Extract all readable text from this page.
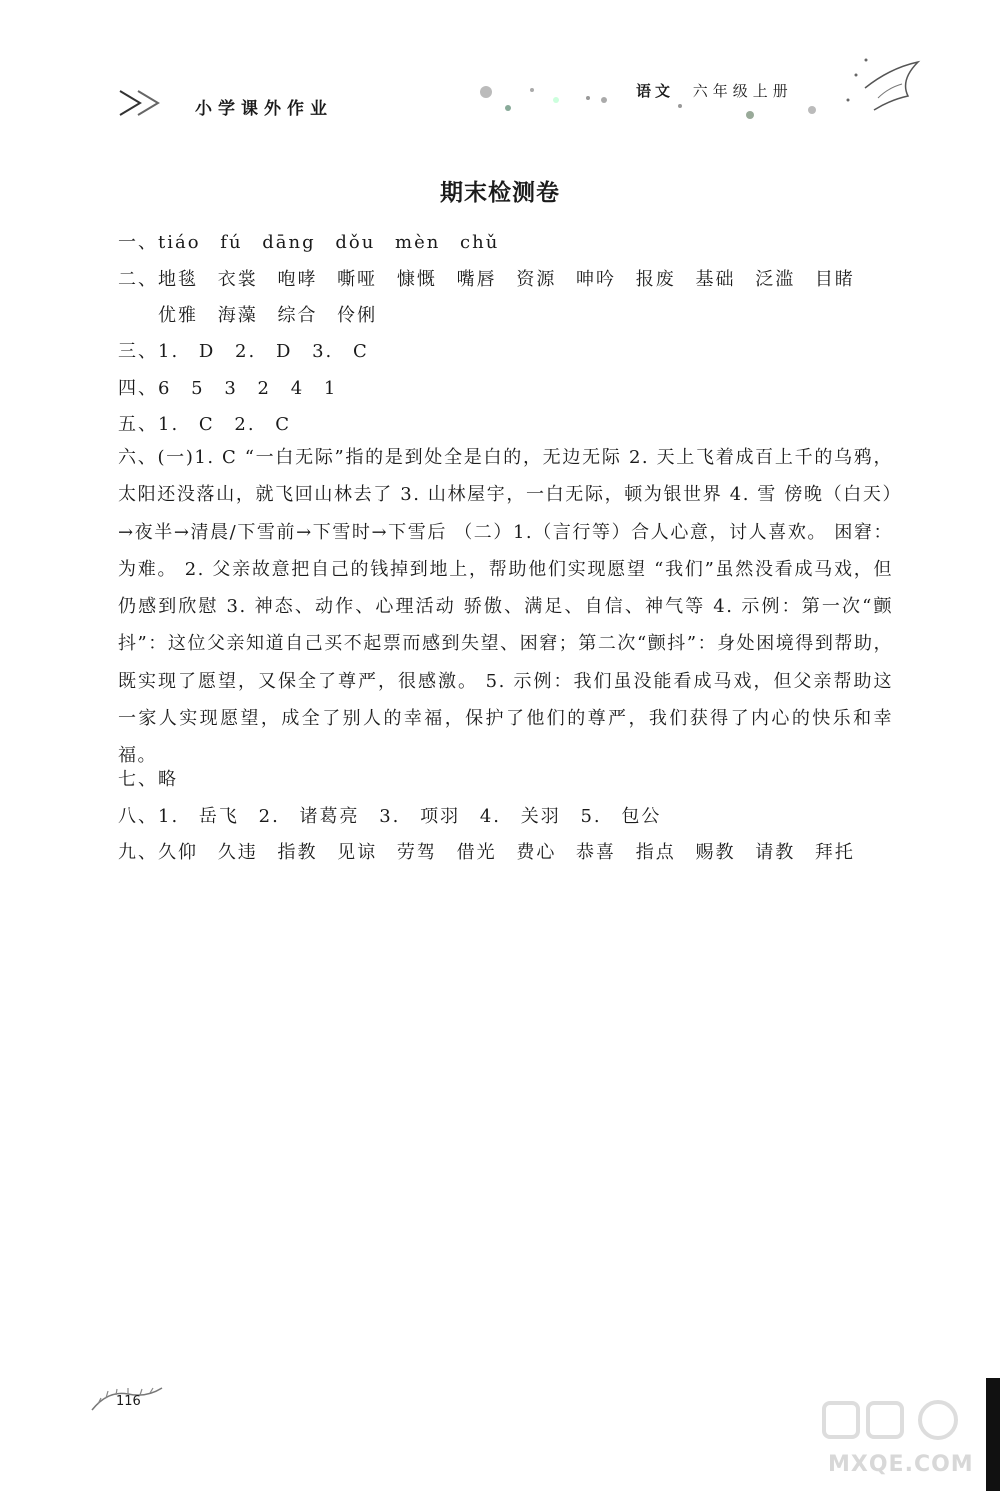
小学课外作业
语文 六年级上册
期末检测卷
一、tiáo fú dāng dǒu mèn chǔ
二、地毯 衣裳 咆哮 嘶哑 慷慨 嘴唇 资源 呻吟 报废 基础 泛滥 目睹
优雅 海藻 综合 伶俐
三、1. D 2. D 3. C
四、6 5 3 2 4 1
五、1. C 2. C
六、(一)1. C “一白无际”指的是到处全是白的，无边无际 2. 天上飞着成百上千的乌鸦，太阳还没落山，就飞回山林去了 3. 山林屋宇，一白无际，顿为银世界 4. 雪 傍晚（白天）→夜半→清晨/下雪前→下雪时→下雪后 （二）1.（言行等）合人心意，讨人喜欢。 困窘：为难。 2. 父亲故意把自己的钱掉到地上，帮助他们实现愿望 “我们”虽然没看成马戏，但仍感到欣慰 3. 神态、动作、心理活动 骄傲、满足、自信、神气等 4. 示例：第一次“颤抖”：这位父亲知道自己买不起票而感到失望、困窘；第二次“颤抖”：身处困境得到帮助，既实现了愿望，又保全了尊严，很感激。 5. 示例：我们虽没能看成马戏，但父亲帮助这一家人实现愿望，成全了别人的幸福，保护了他们的尊严，我们获得了内心的快乐和幸福。
七、略
八、1. 岳飞 2. 诸葛亮 3. 项羽 4. 关羽 5. 包公
九、久仰 久违 指教 见谅 劳驾 借光 费心 恭喜 指点 赐教 请教 拜托
116
MXQE.COM
